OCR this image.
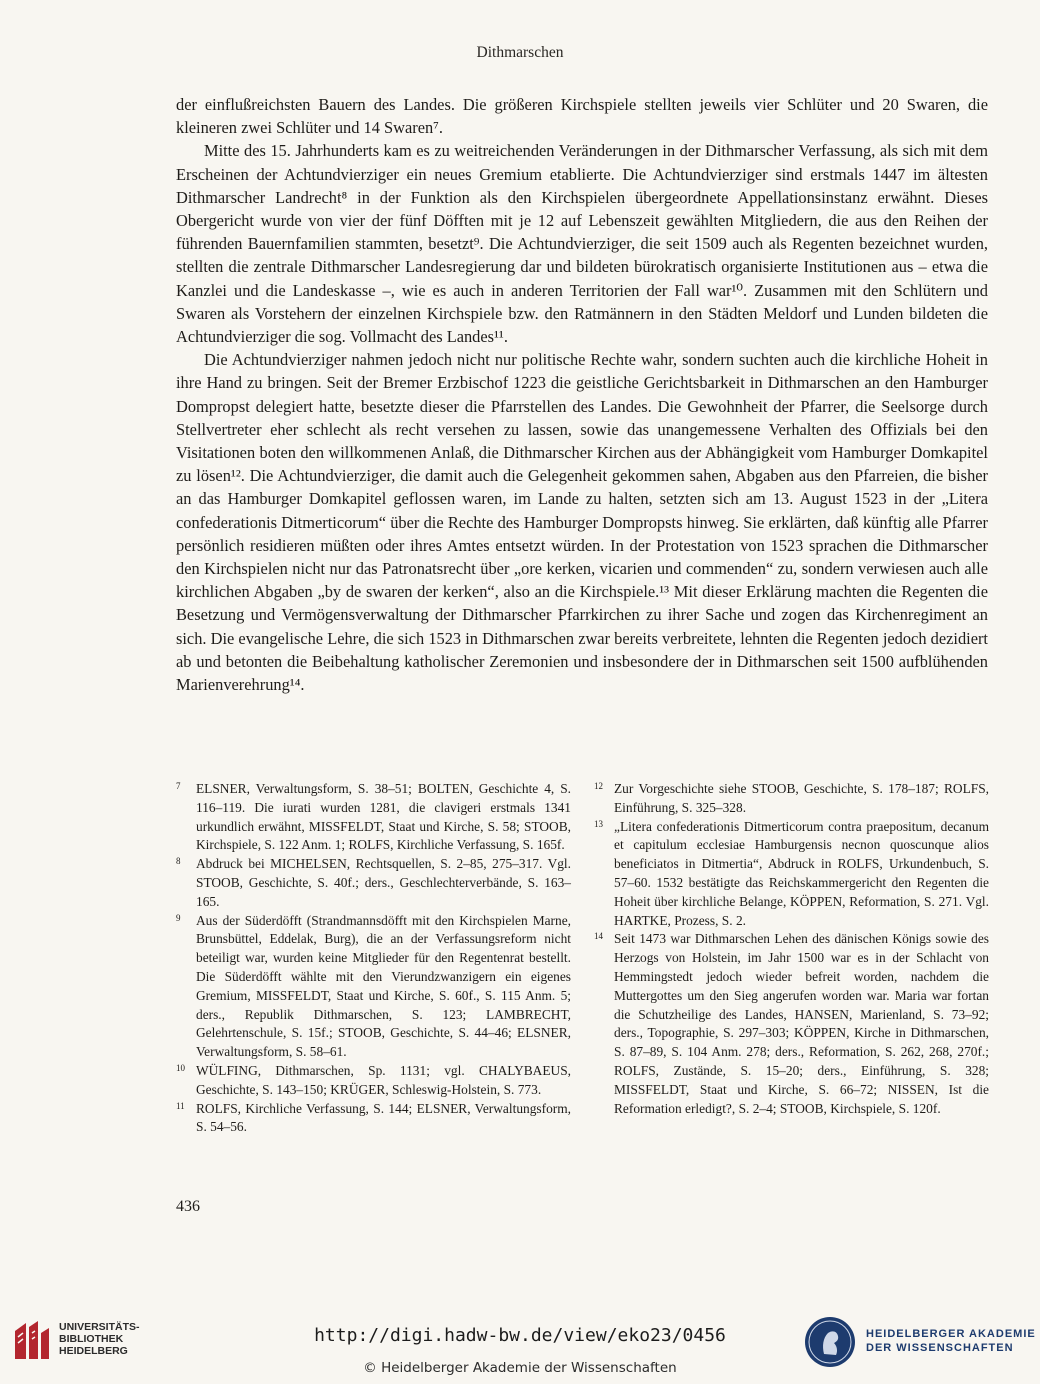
Dithmarschen

der einflußreichsten Bauern des Landes. Die größeren Kirchspiele stellten jeweils vier Schlüter und 20 Swaren, die kleineren zwei Schlüter und 14 Swaren⁷.

Mitte des 15. Jahrhunderts kam es zu weitreichenden Veränderungen in der Dithmarscher Verfassung, als sich mit dem Erscheinen der Achtundvierziger ein neues Gremium etablierte. Die Achtundvierziger sind erstmals 1447 im ältesten Dithmarscher Landrecht⁸ in der Funktion als den Kirchspielen übergeordnete Appellationsinstanz erwähnt. Dieses Obergericht wurde von vier der fünf Döfften mit je 12 auf Lebenszeit gewählten Mitgliedern, die aus den Reihen der führenden Bauernfamilien stammten, besetzt⁹. Die Achtundvierziger, die seit 1509 auch als Regenten bezeichnet wurden, stellten die zentrale Dithmarscher Landesregierung dar und bildeten bürokratisch organisierte Institutionen aus – etwa die Kanzlei und die Landeskasse –, wie es auch in anderen Territorien der Fall war¹⁰. Zusammen mit den Schlütern und Swaren als Vorstehern der einzelnen Kirchspiele bzw. den Ratmännern in den Städten Meldorf und Lunden bildeten die Achtundvierziger die sog. Vollmacht des Landes¹¹.

Die Achtundvierziger nahmen jedoch nicht nur politische Rechte wahr, sondern suchten auch die kirchliche Hoheit in ihre Hand zu bringen. Seit der Bremer Erzbischof 1223 die geistliche Gerichtsbarkeit in Dithmarschen an den Hamburger Dompropst delegiert hatte, besetzte dieser die Pfarrstellen des Landes. Die Gewohnheit der Pfarrer, die Seelsorge durch Stellvertreter eher schlecht als recht versehen zu lassen, sowie das unangemessene Verhalten des Offizials bei den Visitationen boten den willkommenen Anlaß, die Dithmarscher Kirchen aus der Abhängigkeit vom Hamburger Domkapitel zu lösen¹². Die Achtundvierziger, die damit auch die Gelegenheit gekommen sahen, Abgaben aus den Pfarreien, die bisher an das Hamburger Domkapitel geflossen waren, im Lande zu halten, setzten sich am 13. August 1523 in der „Litera confederationis Ditmerticorum“ über die Rechte des Hamburger Dompropsts hinweg. Sie erklärten, daß künftig alle Pfarrer persönlich residieren müßten oder ihres Amtes entsetzt würden. In der Protestation von 1523 sprachen die Dithmarscher den Kirchspielen nicht nur das Patronatsrecht über „ore kerken, vicarien und commenden“ zu, sondern verwiesen auch alle kirchlichen Abgaben „by de swaren der kerken“, also an die Kirchspiele.¹³ Mit dieser Erklärung machten die Regenten die Besetzung und Vermögensverwaltung der Dithmarscher Pfarrkirchen zu ihrer Sache und zogen das Kirchenregiment an sich. Die evangelische Lehre, die sich 1523 in Dithmarschen zwar bereits verbreitete, lehnten die Regenten jedoch dezidiert ab und betonten die Beibehaltung katholischer Zeremonien und insbesondere der in Dithmarschen seit 1500 aufblühenden Marienverehrung¹⁴.

7 ELSNER, Verwaltungsform, S. 38–51; BOLTEN, Geschichte 4, S. 116–119. Die iurati wurden 1281, die clavigeri erstmals 1341 urkundlich erwähnt, MISSFELDT, Staat und Kirche, S. 58; STOOB, Kirchspiele, S. 122 Anm. 1; ROLFS, Kirchliche Verfassung, S. 165f.
8 Abdruck bei MICHELSEN, Rechtsquellen, S. 2–85, 275–317. Vgl. STOOB, Geschichte, S. 40f.; ders., Geschlechterverbände, S. 163–165.
9 Aus der Süderdöfft (Strandmannsdöfft mit den Kirchspielen Marne, Brunsbüttel, Eddelak, Burg), die an der Verfassungsreform nicht beteiligt war, wurden keine Mitglieder für den Regentenrat bestellt. Die Süderdöfft wählte mit den Vierundzwanzigern ein eigenes Gremium, MISSFELDT, Staat und Kirche, S. 60f., S. 115 Anm. 5; ders., Republik Dithmarschen, S. 123; LAMBRECHT, Gelehrtenschule, S. 15f.; STOOB, Geschichte, S. 44–46; ELSNER, Verwaltungsform, S. 58–61.
10 WÜLFING, Dithmarschen, Sp. 1131; vgl. CHALYBAEUS, Geschichte, S. 143–150; KRÜGER, Schleswig-Holstein, S. 773.
11 ROLFS, Kirchliche Verfassung, S. 144; ELSNER, Verwaltungsform, S. 54–56.
12 Zur Vorgeschichte siehe STOOB, Geschichte, S. 178–187; ROLFS, Einführung, S. 325–328.
13 „Litera confederationis Ditmerticorum contra praepositum, decanum et capitulum ecclesiae Hamburgensis necnon quoscunque alios beneficiatos in Ditmertia“, Abdruck in ROLFS, Urkundenbuch, S. 57–60. 1532 bestätigte das Reichskammergericht den Regenten die Hoheit über kirchliche Belange, KÖPPEN, Reformation, S. 271. Vgl. HARTKE, Prozess, S. 2.
14 Seit 1473 war Dithmarschen Lehen des dänischen Königs sowie des Herzogs von Holstein, im Jahr 1500 war es in der Schlacht von Hemmingstedt jedoch wieder befreit worden, nachdem die Muttergottes um den Sieg angerufen worden war. Maria war fortan die Schutzheilige des Landes, HANSEN, Marienland, S. 73–92; ders., Topographie, S. 297–303; KÖPPEN, Kirche in Dithmarschen, S. 87–89, S. 104 Anm. 278; ders., Reformation, S. 262, 268, 270f.; ROLFS, Zustände, S. 15–20; ders., Einführung, S. 328; MISSFELDT, Staat und Kirche, S. 66–72; NISSEN, Ist die Reformation erledigt?, S. 2–4; STOOB, Kirchspiele, S. 120f.
436
UNIVERSITÄTS-
BIBLIOTHEK
HEIDELBERG
http://digi.hadw-bw.de/view/eko23/0456
© Heidelberger Akademie der Wissenschaften
HEIDELBERGER AKADEMIE
DER WISSENSCHAFTEN
